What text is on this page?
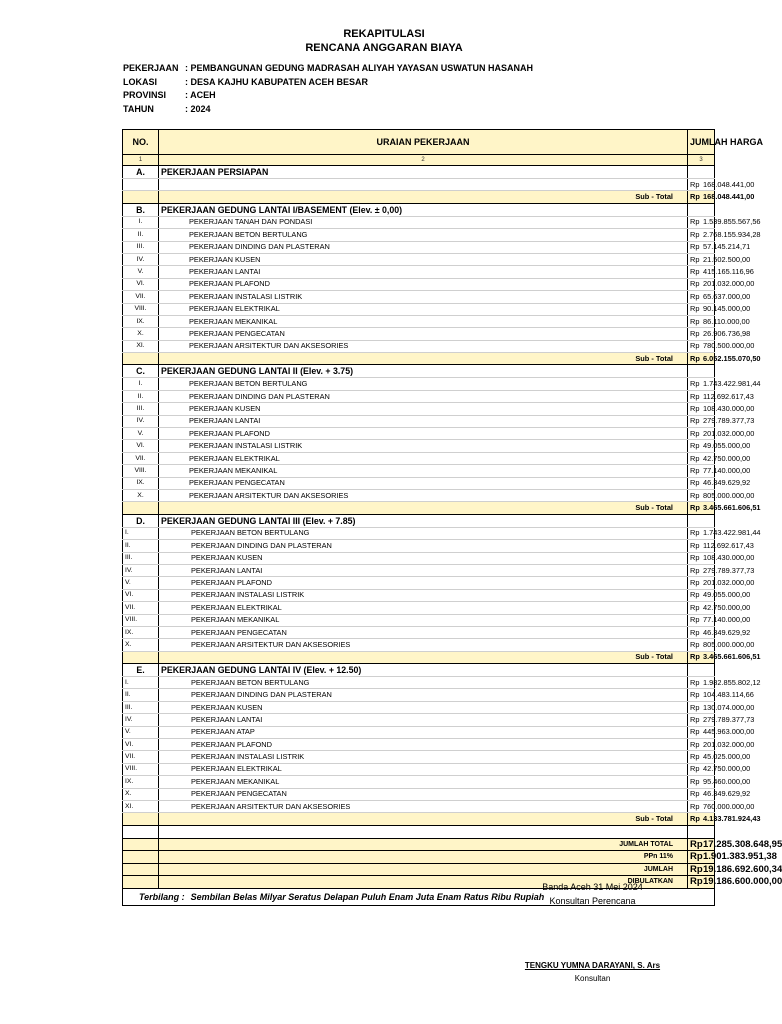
REKAPITULASI
RENCANA ANGGARAN BIAYA
PEKERJAAN : PEMBANGUNAN GEDUNG MADRASAH ALIYAH YAYASAN USWATUN HASANAH
LOKASI	: DESA KAJHU KABUPATEN ACEH BESAR
PROVINSI : ACEH
TAHUN	: 2024
NO.	URAIAN PEKERJAAN	JUMLAH HARGA	
1	2	3	
A.	PEKERJAAN PERSIAPAN		
		Rp	168.048.441,00
	Sub - Total	Rp	168.048.441,00
B.	PEKERJAAN GEDUNG LANTAI I/BASEMENT (Elev. ± 0,00)		
I.	PEKERJAAN TANAH DAN PONDASI	Rp	1.539.855.567,56
II.	PEKERJAAN BETON BERTULANG	Rp	2.768.155.934,28
III.	PEKERJAAN DINDING DAN PLASTERAN	Rp	57.145.214,71
IV.	PEKERJAAN KUSEN	Rp	21.502.500,00
V.	PEKERJAAN LANTAI	Rp	415.165.116,96
VI.	PEKERJAAN PLAFOND	Rp	201.032.000,00
VII.	PEKERJAAN INSTALASI LISTRIK	Rp	65.637.000,00
VIII.	PEKERJAAN ELEKTRIKAL	Rp	90.145.000,00
IX.	PEKERJAAN MEKANIKAL	Rp	86.110.000,00
X.	PEKERJAAN PENGECATAN	Rp	26.906.736,98
XI.	PEKERJAAN ARSITEKTUR DAN AKSESORIES	Rp	780.500.000,00
	Sub - Total	Rp	6.052.155.070,50
C.	PEKERJAAN GEDUNG LANTAI II (Elev. + 3.75)		
I.	PEKERJAAN BETON BERTULANG	Rp	1.743.422.981,44
II.	PEKERJAAN DINDING DAN PLASTERAN	Rp	112.692.617,43
III.	PEKERJAAN KUSEN	Rp	108.430.000,00
IV.	PEKERJAAN LANTAI	Rp	279.789.377,73
V.	PEKERJAAN PLAFOND	Rp	201.032.000,00
VI.	PEKERJAAN INSTALASI LISTRIK	Rp	49.055.000,00
VII.	PEKERJAAN ELEKTRIKAL	Rp	42.750.000,00
VIII.	PEKERJAAN MEKANIKAL	Rp	77.140.000,00
IX.	PEKERJAAN PENGECATAN	Rp	46.349.629,92
X.	PEKERJAAN ARSITEKTUR DAN AKSESORIES	Rp	805.000.000,00
	Sub - Total	Rp	3.465.661.606,51
D.	PEKERJAAN GEDUNG LANTAI III (Elev. + 7.85)		
I.	PEKERJAAN BETON BERTULANG	Rp	1.743.422.981,44
II.	PEKERJAAN DINDING DAN PLASTERAN	Rp	112.692.617,43
III.	PEKERJAAN KUSEN	Rp	108.430.000,00
IV.	PEKERJAAN LANTAI	Rp	279.789.377,73
V.	PEKERJAAN PLAFOND	Rp	201.032.000,00
VI.	PEKERJAAN INSTALASI LISTRIK	Rp	49.055.000,00
VII.	PEKERJAAN ELEKTRIKAL	Rp	42.750.000,00
VIII.	PEKERJAAN MEKANIKAL	Rp	77.140.000,00
IX.	PEKERJAAN PENGECATAN	Rp	46.349.629,92
X.	PEKERJAAN ARSITEKTUR DAN AKSESORIES	Rp	805.000.000,00
	Sub - Total	Rp	3.465.661.606,51
E.	PEKERJAAN GEDUNG LANTAI IV (Elev. + 12.50)		
I.	PEKERJAAN BETON BERTULANG	Rp	1.982.855.802,12
II.	PEKERJAAN DINDING DAN PLASTERAN	Rp	104.483.114,66
III.	PEKERJAAN KUSEN	Rp	130.074.000,00
IV.	PEKERJAAN LANTAI	Rp	279.789.377,73
V.	PEKERJAAN ATAP	Rp	445.963.000,00
VI.	PEKERJAAN PLAFOND	Rp	201.032.000,00
VII.	PEKERJAAN INSTALASI LISTRIK	Rp	45.025.000,00
VIII.	PEKERJAAN ELEKTRIKAL	Rp	42.750.000,00
IX.	PEKERJAAN MEKANIKAL	Rp	95.460.000,00
X.	PEKERJAAN PENGECATAN	Rp	46.349.629,92
XI.	PEKERJAAN ARSITEKTUR DAN AKSESORIES	Rp	760.000.000,00
	Sub - Total	Rp	4.133.781.924,43

	JUMLAH TOTAL	Rp	17.285.308.648,95
	PPn 11%	Rp	1.901.383.951,38
	JUMLAH	Rp	19.186.692.600,34
	DIBULATKAN	Rp	19.186.600.000,00
Terbilang : Sembilan Belas Milyar Seratus Delapan Puluh Enam Juta Enam Ratus Ribu Rupiah			
Banda Aceh 31 Mei 2024
Konsultan Perencana
TENGKU YUMNA DARAYANI, S. Ars
Konsultan
